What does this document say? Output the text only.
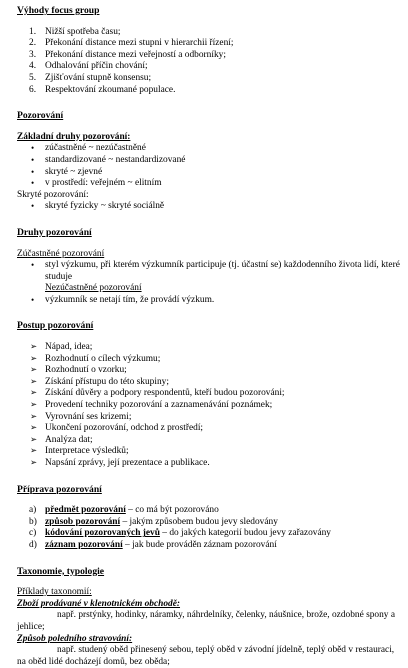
Výhody focus group

1. Nižší spotřeba času;
2. Překonání distance mezi stupni v hierarchii řízení;
3. Překonání distance mezi veřejností a odborníky;
4. Odhalování příčin chování;
5. Zjišťování stupně konsensu;
6. Respektování zkoumané populace.

Pozorování

Základní druhy pozorování:

• zúčastněné ~ nezúčastněné
• standardizované ~ nestandardizované
• skryté ~ zjevné
• v prostředí: veřejném ~ elitním

Skryté pozorování:

• skryté fyzicky ~ skryté sociálně

Druhy pozorování

Zúčastněné pozorování

• styl výzkumu, při kterém výzkumník participuje (tj. účastní se) každodenního života lidí, které studuje
Nezúčastněné pozorování
• výzkumník se netají tím, že provádí výzkum.

Postup pozorování

➢ Nápad, idea;
➢ Rozhodnutí o cílech výzkumu;
➢ Rozhodnutí o vzorku;
➢ Získání přístupu do této skupiny;
➢ Získání důvěry a podpory respondentů, kteří budou pozorováni;
➢ Provedení techniky pozorování a zaznamenávání poznámek;
➢ Vyrovnání ses krizemi;
➢ Ukončení pozorování, odchod z prostředí;
➢ Analýza dat;
➢ Interpretace výsledků;
➢ Napsání zprávy, její prezentace a publikace.

Příprava pozorování

a) předmět pozorování – co má být pozorováno
b) způsob pozorování – jakým způsobem budou jevy sledovány
c) kódování pozorovaných jevů – do jakých kategorií budou jevy zařazovány
d) záznam pozorování – jak bude prováděn záznam pozorování

Taxonomie, typologie

Příklady taxonomií:

Zboží prodávané v klenotnickém obchodě:

např. prstýnky, hodinky, náramky, náhrdelníky, čelenky, náušnice, brože, ozdobné spony a jehlice;

Způsob poledního stravování:

např. studený oběd přinesený sebou, teplý oběd v závodní jídelně, teplý oběd v restauraci, na oběd lidé docházejí domů, bez oběda;
